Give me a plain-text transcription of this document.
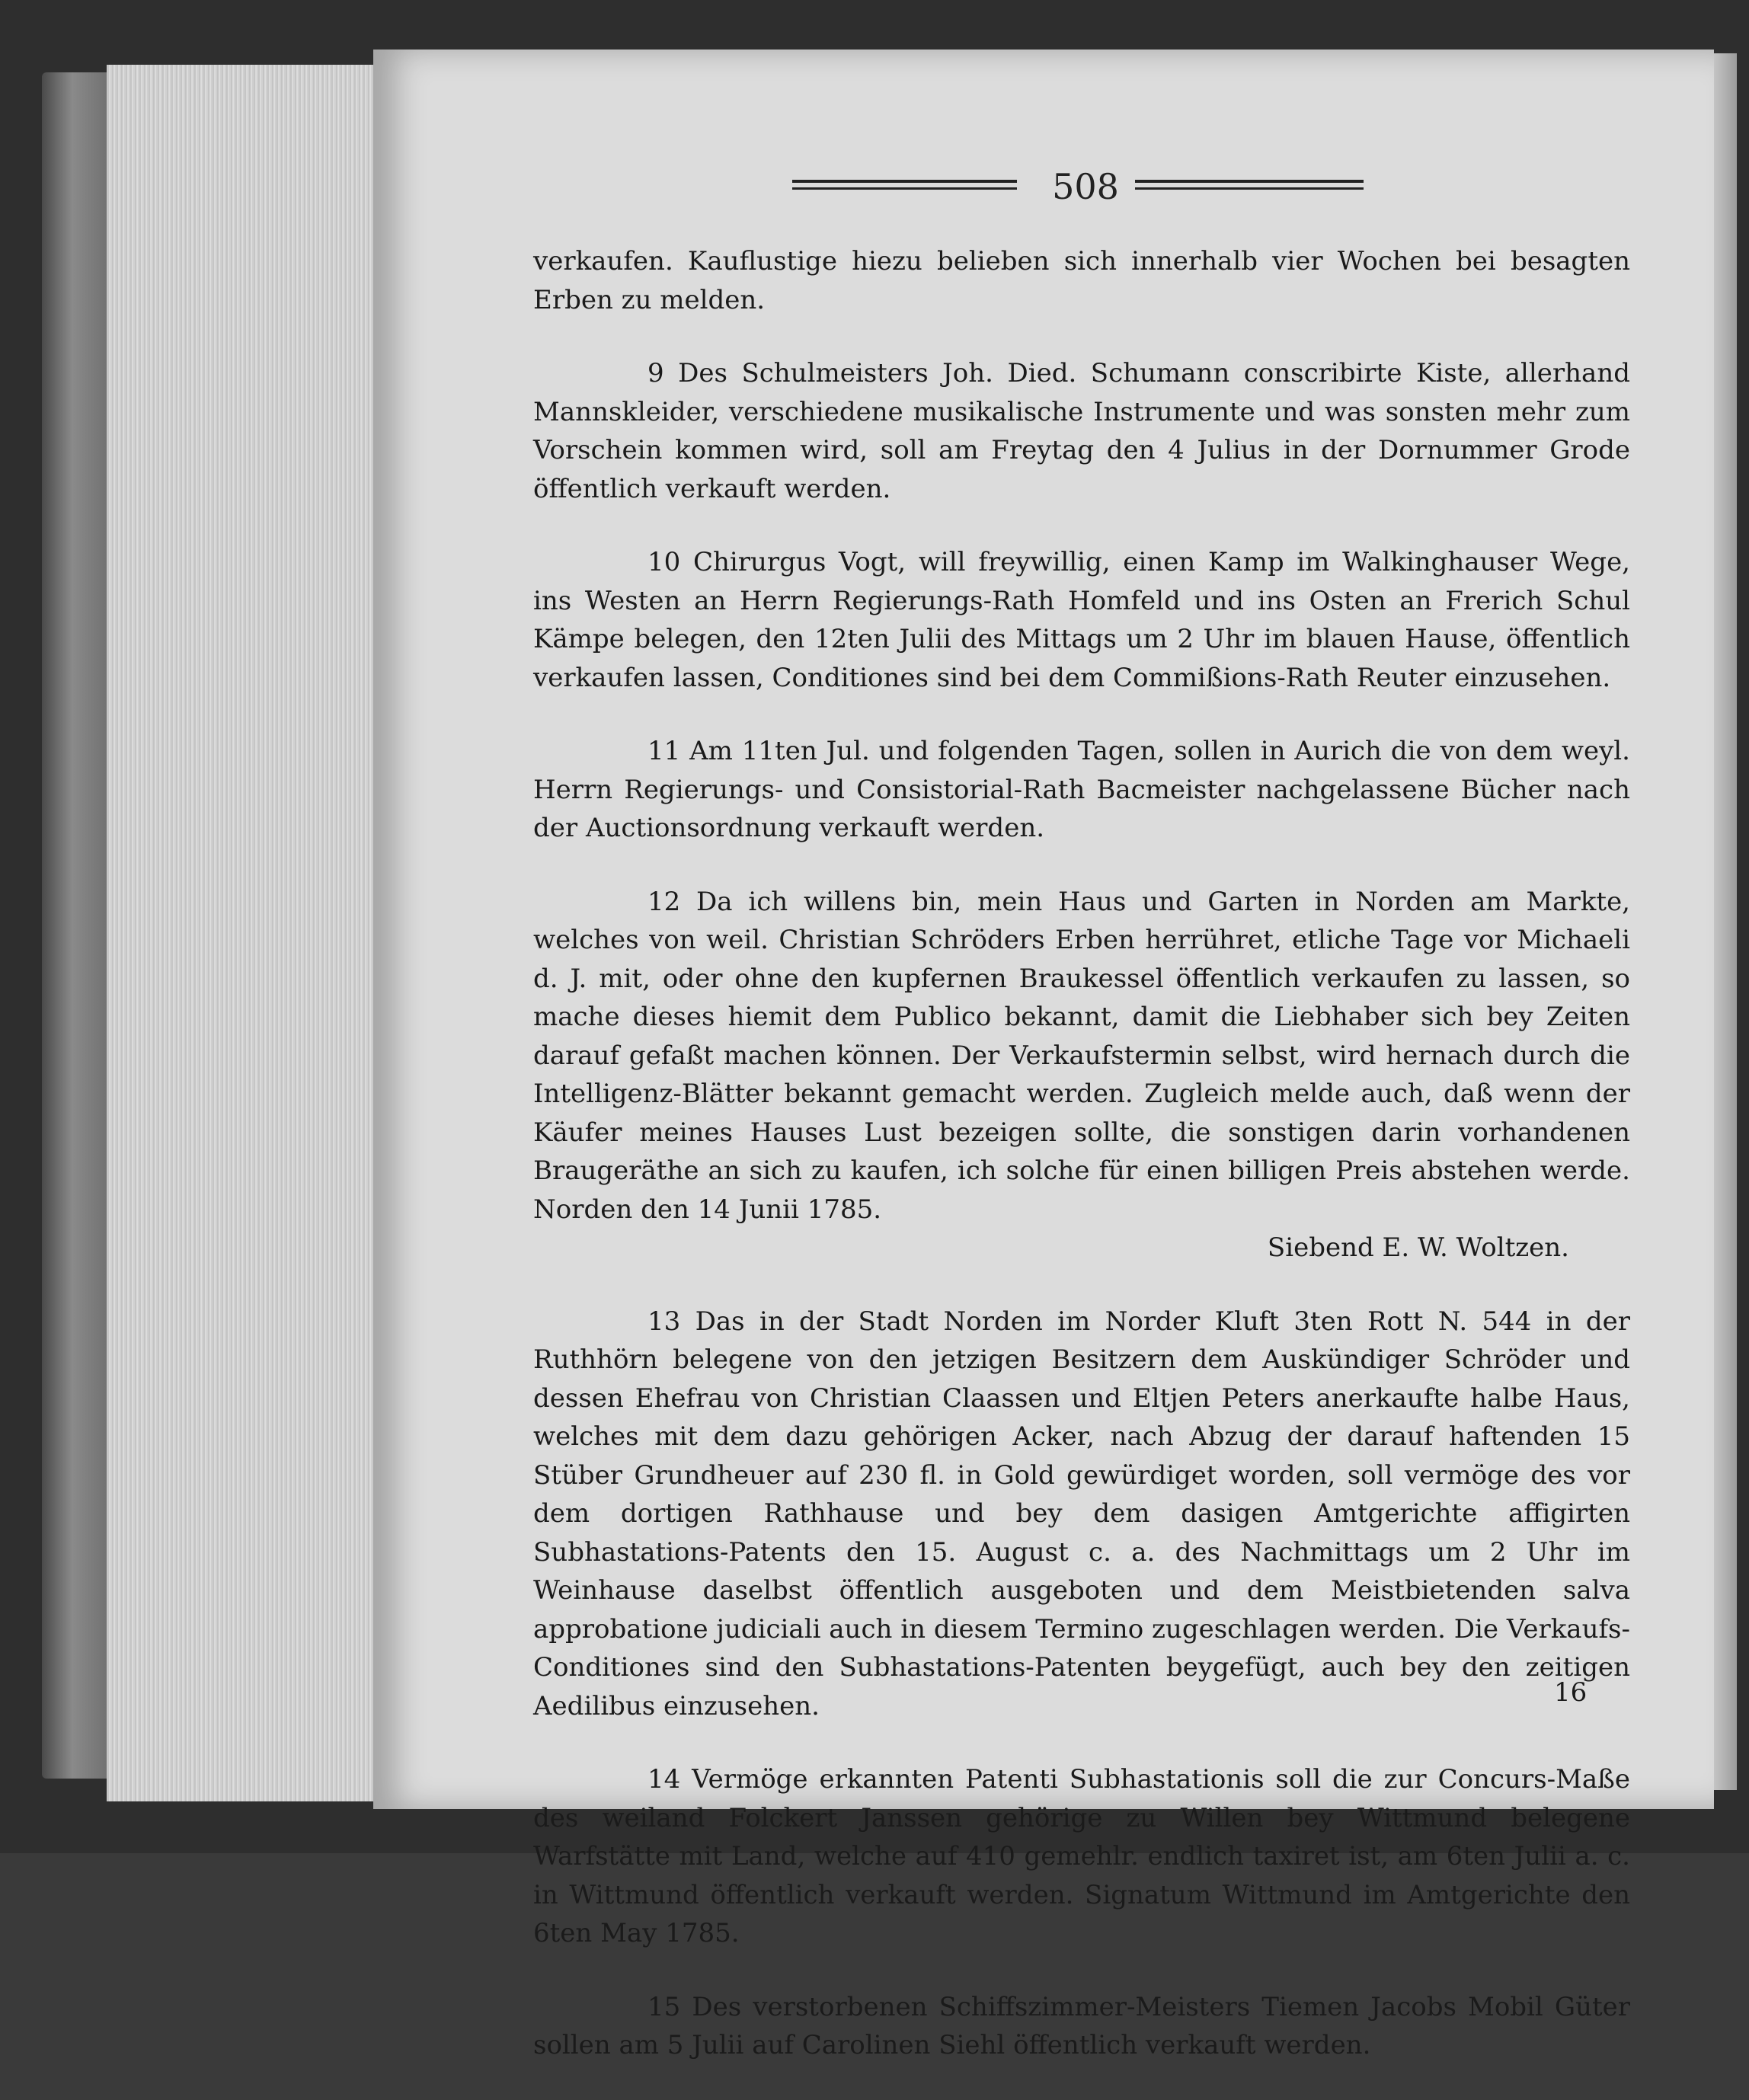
508

verkaufen. Kauflustige hiezu belieben sich innerhalb vier Wochen bei besagten Erben zu melden.

9 Des Schulmeisters Joh. Died. Schumann conscribirte Kiste, allerhand Mannskleider, verschiedene musikalische Instrumente und was sonsten mehr zum Vorschein kommen wird, soll am Freytag den 4 Julius in der Dornummer Grode öffentlich verkauft werden.

10 Chirurgus Vogt, will freywillig, einen Kamp im Walkinghauser Wege, ins Westen an Herrn Regierungs-Rath Homfeld und ins Osten an Frerich Schul Kämpe belegen, den 12ten Julii des Mittags um 2 Uhr im blauen Hause, öffentlich verkaufen lassen, Conditiones sind bei dem Commißions-Rath Reuter einzusehen.

11 Am 11ten Jul. und folgenden Tagen, sollen in Aurich die von dem weyl. Herrn Regierungs- und Consistorial-Rath Bacmeister nachgelassene Bücher nach der Auctionsordnung verkauft werden.

12 Da ich willens bin, mein Haus und Garten in Norden am Markte, welches von weil. Christian Schröders Erben herrühret, etliche Tage vor Michaeli d. J. mit, oder ohne den kupfernen Braukessel öffentlich verkaufen zu lassen, so mache dieses hiemit dem Publico bekannt, damit die Liebhaber sich bey Zeiten darauf gefaßt machen können. Der Verkaufstermin selbst, wird hernach durch die Intelligenz-Blätter bekannt gemacht werden. Zugleich melde auch, daß wenn der Käufer meines Hauses Lust bezeigen sollte, die sonstigen darin vorhandenen Braugeräthe an sich zu kaufen, ich solche für einen billigen Preis abstehen werde. Norden den 14 Junii 1785.

Siebend E. W. Woltzen.

13 Das in der Stadt Norden im Norder Kluft 3ten Rott N. 544 in der Ruthhörn belegene von den jetzigen Besitzern dem Auskündiger Schröder und dessen Ehefrau von Christian Claassen und Eltjen Peters anerkaufte halbe Haus, welches mit dem dazu gehörigen Acker, nach Abzug der darauf haftenden 15 Stüber Grundheuer auf 230 fl. in Gold gewürdiget worden, soll vermöge des vor dem dortigen Rathhause und bey dem dasigen Amtgerichte affigirten Subhastations-Patents den 15. August c. a. des Nachmittags um 2 Uhr im Weinhause daselbst öffentlich ausgeboten und dem Meistbietenden salva approbatione judiciali auch in diesem Termino zugeschlagen werden. Die Verkaufs-Conditiones sind den Subhastations-Patenten beygefügt, auch bey den zeitigen Aedilibus einzusehen.

14 Vermöge erkannten Patenti Subhastationis soll die zur Concurs-Maße des weiland Folckert Janssen gehörige zu Willen bey Wittmund belegene Warfstätte mit Land, welche auf 410 gemehlr. endlich taxiret ist, am 6ten Julii a. c. in Wittmund öffentlich verkauft werden. Signatum Wittmund im Amtgerichte den 6ten May 1785.

15 Des verstorbenen Schiffszimmer-Meisters Tiemen Jacobs Mobil Güter sollen am 5 Julii auf Carolinen Siehl öffentlich verkauft werden.

16
